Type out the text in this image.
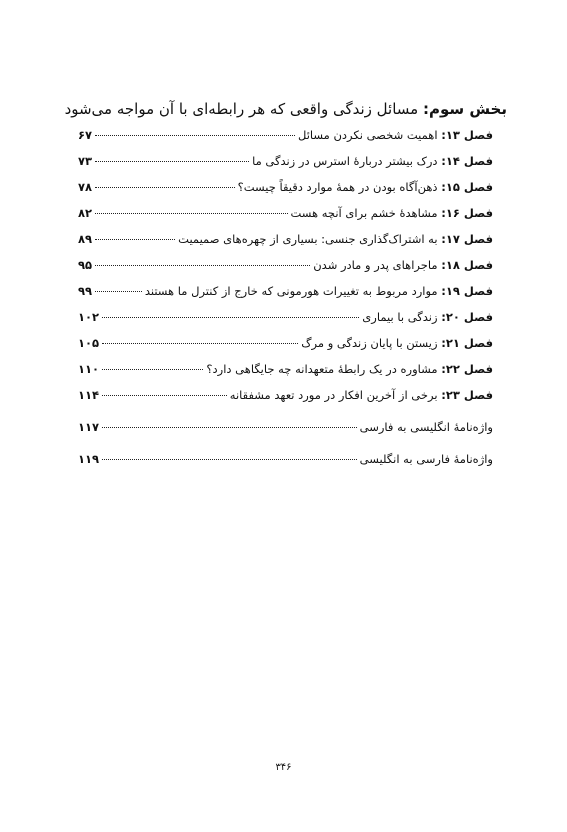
بخش سوم: مسائل زندگی واقعی که هر رابطه‌ای با آن مواجه می‌شود
فصل ۱۳: اهمیت شخصی نکردن مسائل
۶۷
فصل ۱۴: درک بیشتر دربارهٔ استرس در زندگی ما
۷۳
فصل ۱۵: ذهن‌آگاه بودن در همهٔ موارد دقیقاً چیست؟
۷۸
فصل ۱۶: مشاهدهٔ خشم برای آنچه هست
۸۲
فصل ۱۷: به اشتراک‌گذاری جنسی: بسیاری از چهره‌های صمیمیت
۸۹
فصل ۱۸: ماجراهای پدر و مادر شدن
۹۵
فصل ۱۹: موارد مربوط به تغییرات هورمونی که خارج از کنترل ما هستند
۹۹
فصل ۲۰: زندگی با بیماری
۱۰۲
فصل ۲۱: زیستن با پایان زندگی و مرگ
۱۰۵
فصل ۲۲: مشاوره در یک رابطهٔ متعهدانه چه جایگاهی دارد؟
۱۱۰
فصل ۲۳: برخی از آخرین افکار در مورد تعهد مشفقانه
۱۱۴
واژه‌نامهٔ انگلیسی به فارسی
۱۱۷
واژه‌نامهٔ فارسی به انگلیسی
۱۱۹
۳۴۶
